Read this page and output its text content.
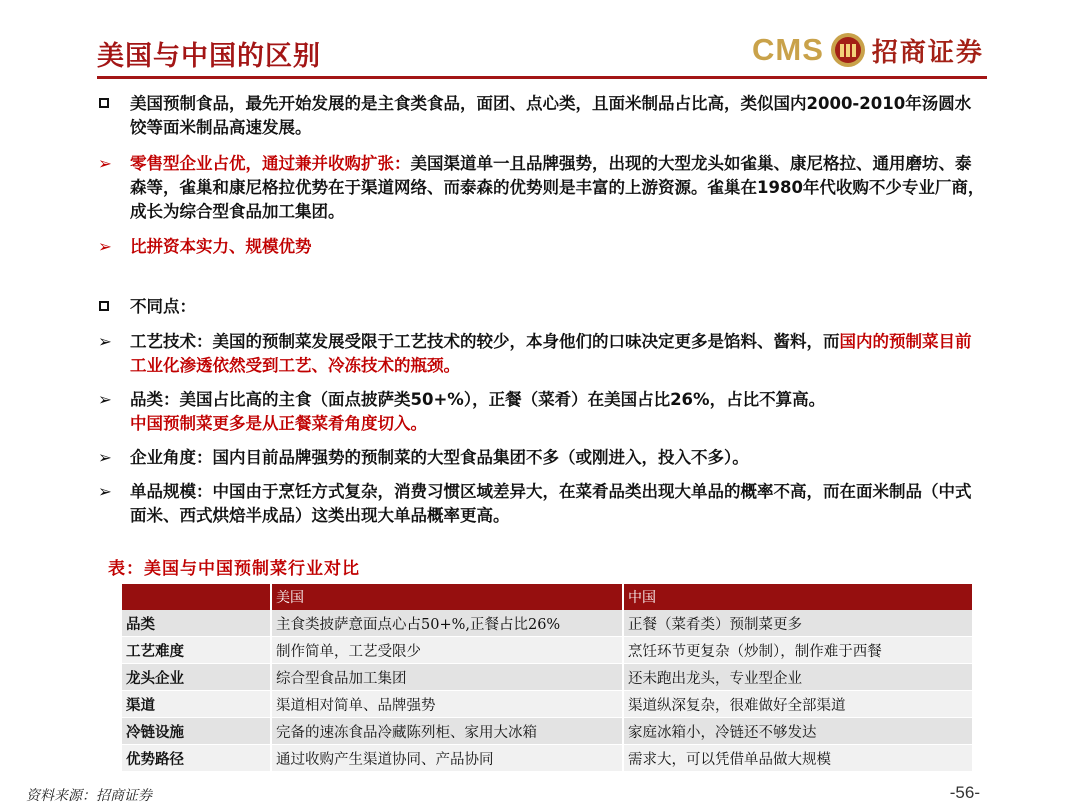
美国与中国的区别	CMS 招商证券
美国预制食品，最先开始发展的是主食类食品，面团、点心类，且面米制品占比高，类似国内2000-2010年汤圆水饺等面米制品高速发展。
➢	零售型企业占优，通过兼并收购扩张：美国渠道单一且品牌强势，出现的大型龙头如雀巢、康尼格拉、通用磨坊、泰森等，雀巢和康尼格拉优势在于渠道网络、而泰森的优势则是丰富的上游资源。雀巢在1980年代收购不少专业厂商，成长为综合型食品加工集团。
➢	比拼资本实力、规模优势
不同点：
➢	工艺技术：美国的预制菜发展受限于工艺技术的较少，本身他们的口味决定更多是馅料、酱料，而国内的预制菜目前工业化渗透依然受到工艺、冷冻技术的瓶颈。
➢	品类：美国占比高的主食（面点披萨类50+%），正餐（菜肴）在美国占比26%，占比不算高。
中国预制菜更多是从正餐菜肴角度切入。
➢	企业角度：国内目前品牌强势的预制菜的大型食品集团不多（或刚进入，投入不多）。
➢	单品规模：中国由于烹饪方式复杂，消费习惯区域差异大，在菜肴品类出现大单品的概率不高，而在面米制品（中式面米、西式烘焙半成品）这类出现大单品概率更高。
表：美国与中国预制菜行业对比
	美国	中国
品类	主食类披萨意面点心占50+%,正餐占比26%	正餐（菜肴类）预制菜更多
工艺难度	制作简单，工艺受限少	烹饪环节更复杂（炒制），制作难于西餐
龙头企业	综合型食品加工集团	还未跑出龙头，专业型企业
渠道	渠道相对简单、品牌强势	渠道纵深复杂，很难做好全部渠道
冷链设施	完备的速冻食品冷藏陈列柜、家用大冰箱	家庭冰箱小，冷链还不够发达
优势路径	通过收购产生渠道协同、产品协同	需求大，可以凭借单品做大规模
资料来源：招商证券	-56-
